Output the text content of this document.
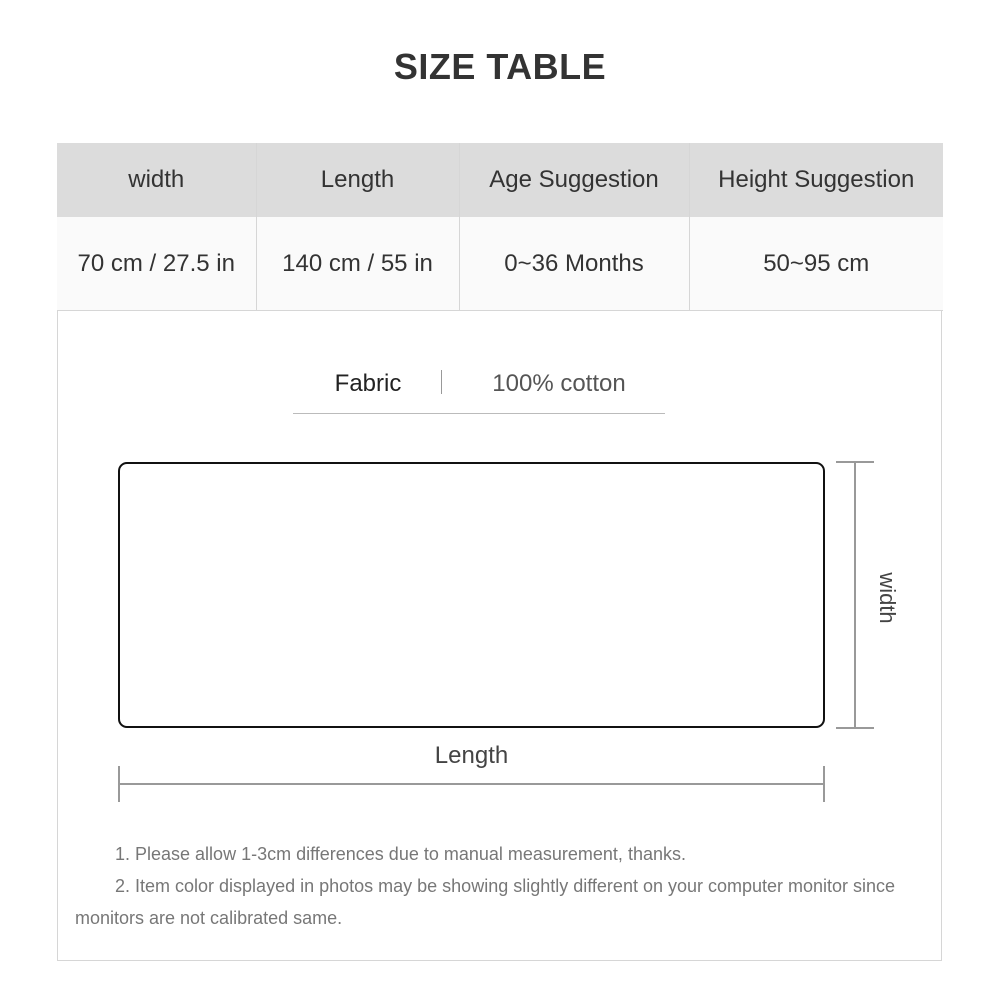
SIZE TABLE
width	Length	Age Suggestion	Height Suggestion
70 cm / 27.5 in	140 cm / 55 in	0~36 Months	50~95 cm
Fabric	100% cotton
Length
width
1. Please allow 1-3cm differences due to manual measurement, thanks.
2. Item color displayed in photos may be showing slightly different on your computer monitor since monitors are not calibrated same.
